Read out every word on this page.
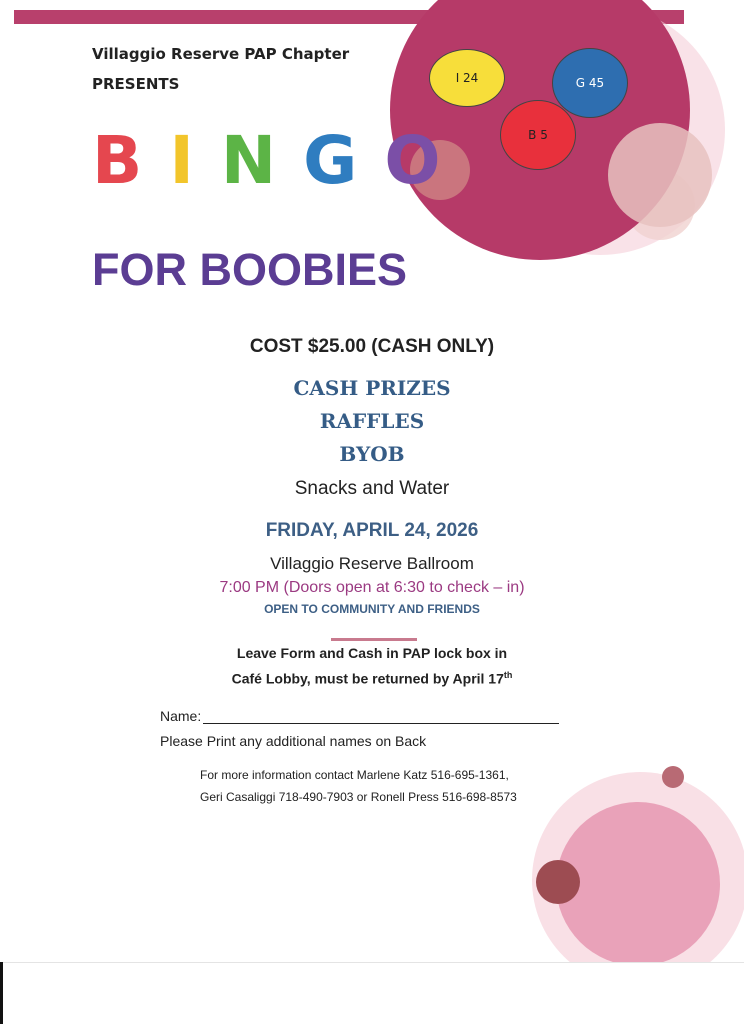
I 24	G 45
B 5
Villaggio Reserve PAP Chapter
PRESENTS
B I N G O
FOR BOOBIES
COST $25.00 (CASH ONLY)
CASH PRIZES
RAFFLES
BYOB
Snacks and Water
FRIDAY, APRIL 24, 2026
Villaggio Reserve Ballroom
7:00 PM (Doors open at 6:30 to check – in)
OPEN TO COMMUNITY AND FRIENDS
Leave Form and Cash in PAP lock box in
Café Lobby, must be returned by April 17th
Name:
Please Print any additional names on Back
For more information contact Marlene Katz 516-695-1361,
Geri Casaliggi 718-490-7903 or Ronell Press 516-698-8573
